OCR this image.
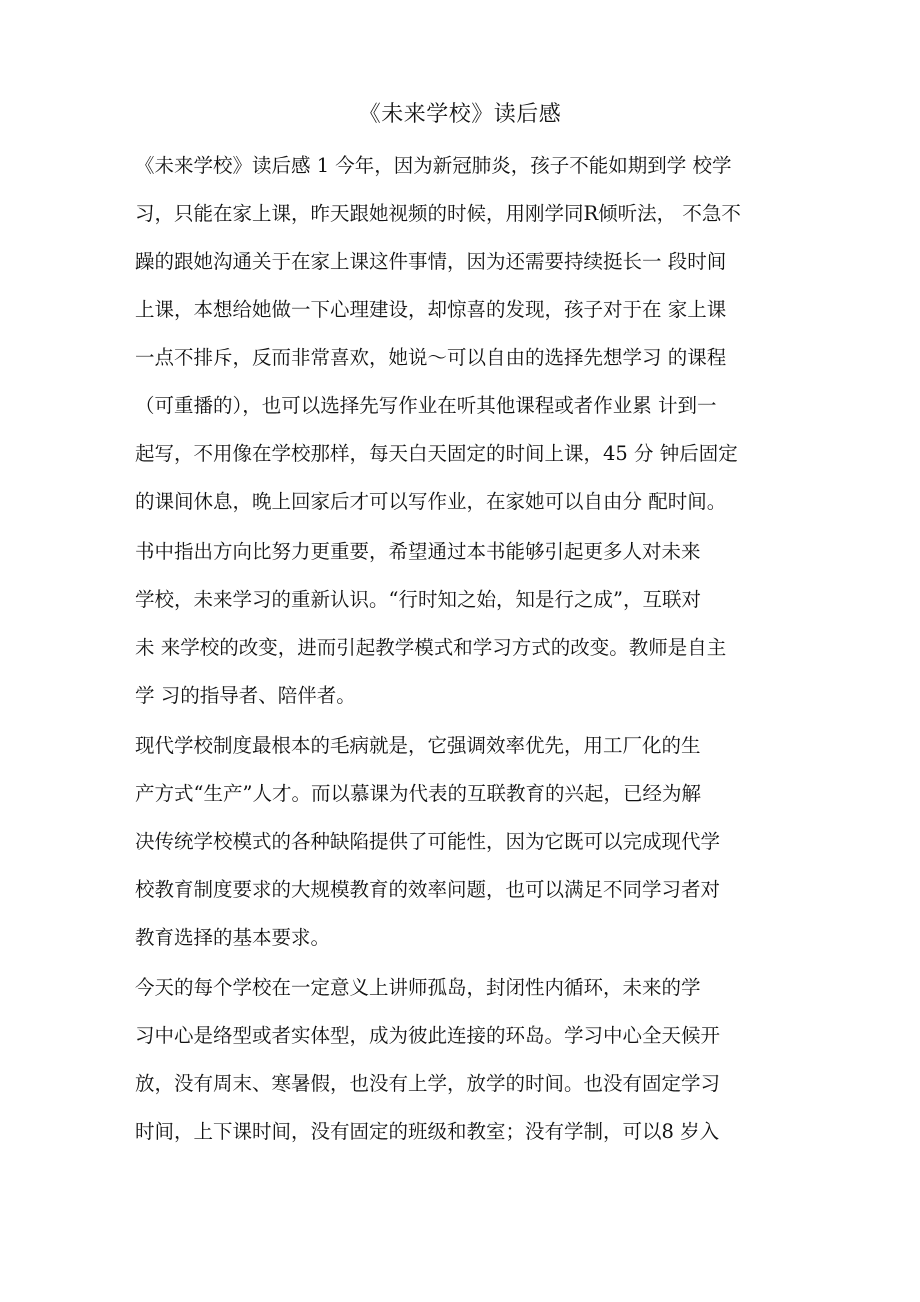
《未来学校》读后感
《未来学校》读后感 1 今年，因为新冠肺炎，孩子不能如期到学 校学
习，只能在家上课，昨天跟她视频的时候，用刚学同R倾听法， 不急不
躁的跟她沟通关于在家上课这件事情，因为还需要持续挺长一 段时间
上课，本想给她做一下心理建设，却惊喜的发现，孩子对于在 家上课
一点不排斥，反而非常喜欢，她说〜可以自由的选择先想学习 的课程
（可重播的），也可以选择先写作业在听其他课程或者作业累 计到一
起写，不用像在学校那样，每天白天固定的时间上课，45 分 钟后固定
的课间休息，晚上回家后才可以写作业，在家她可以自由分 配时间。
书中指出方向比努力更重要，希望通过本书能够引起更多人对未来
学校，未来学习的重新认识。“行时知之始，知是行之成”，互联对
未 来学校的改变，进而引起教学模式和学习方式的改变。教师是自主
学 习的指导者、陪伴者。
现代学校制度最根本的毛病就是，它强调效率优先，用工厂化的生
产方式“生产”人才。而以慕课为代表的互联教育的兴起，已经为解
决传统学校模式的各种缺陷提供了可能性，因为它既可以完成现代学
校教育制度要求的大规模教育的效率问题，也可以满足不同学习者对
教育选择的基本要求。
今天的每个学校在一定意义上讲师孤岛，封闭性内循环，未来的学
习中心是络型或者实体型，成为彼此连接的环岛。学习中心全天候开
放，没有周末、寒暑假，也没有上学，放学的时间。也没有固定学习
时间，上下课时间，没有固定的班级和教室；没有学制，可以8 岁入
